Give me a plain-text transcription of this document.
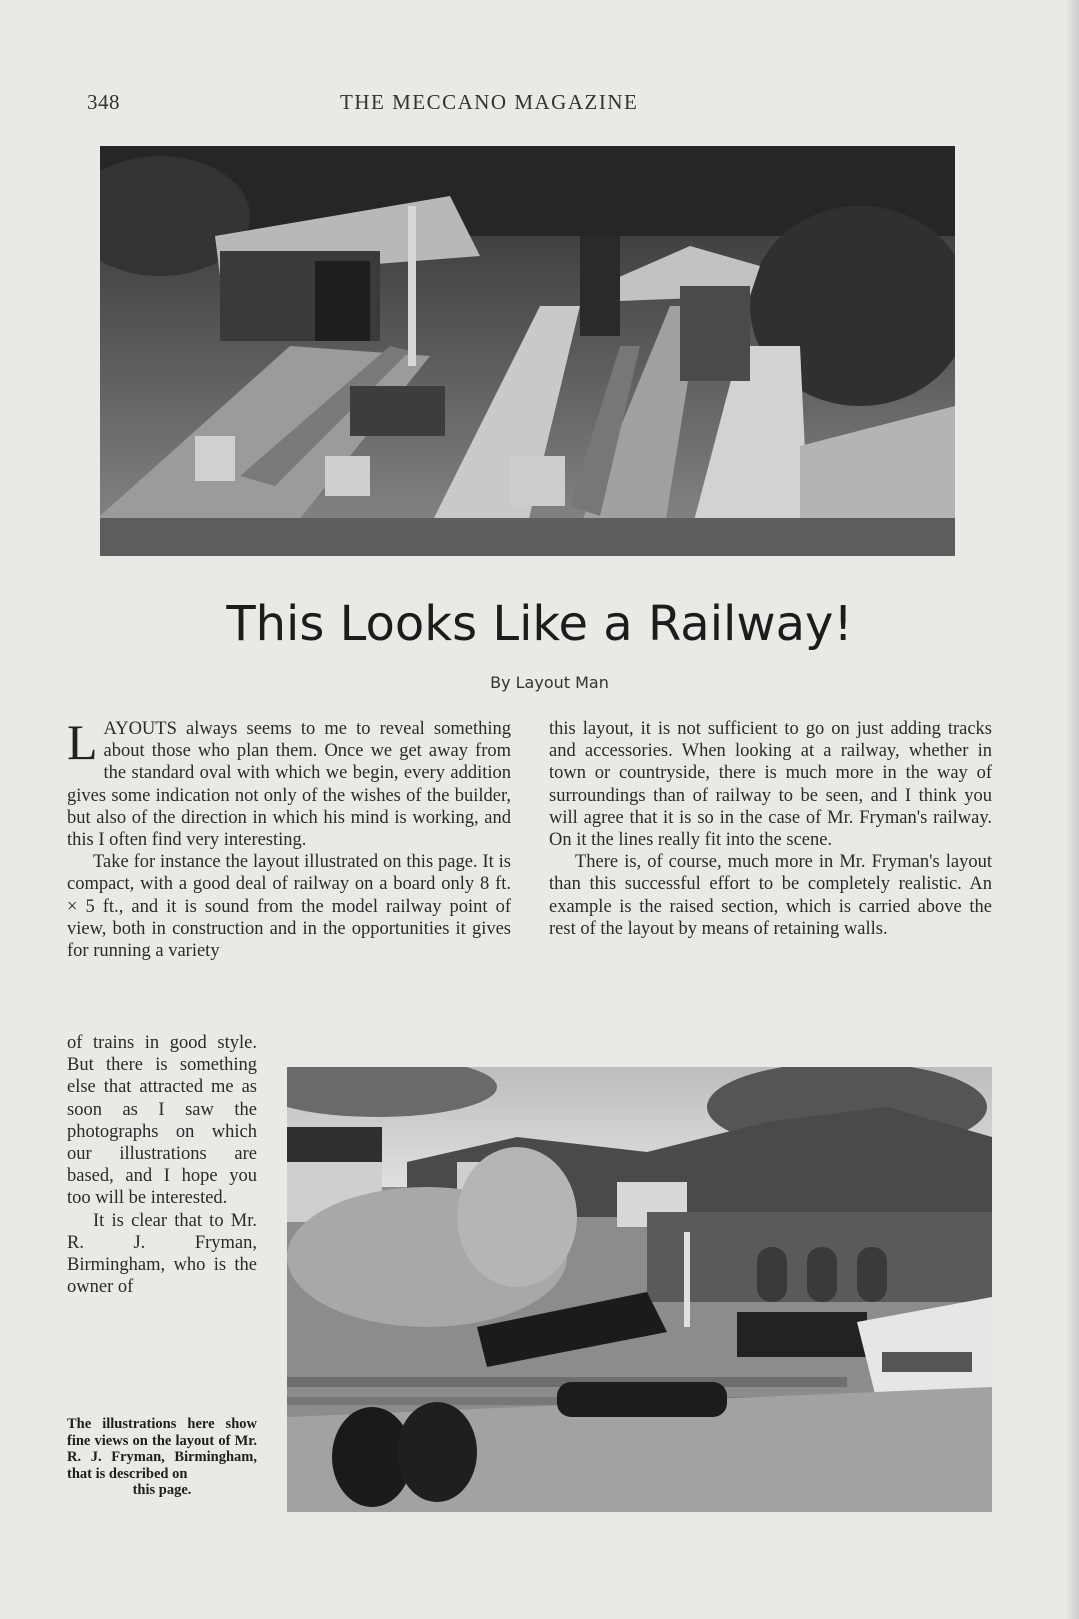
348	THE MECCANO MAGAZINE
This Looks Like a Railway!
By Layout Man

LAYOUTS always seems to me to reveal something about those who plan them. Once we get away from the standard oval with which we begin, every addition gives some indication not only of the wishes of the builder, but also of the direction in which his mind is working, and this I often find very interesting.

Take for instance the layout illustrated on this page. It is compact, with a good deal of railway on a board only 8 ft. × 5 ft., and it is sound from the model railway point of view, both in construction and in the opportunities it gives for running a variety

of trains in good style. But there is something else that attracted me as soon as I saw the photographs on which our illustrations are based, and I hope you too will be interested.

It is clear that to Mr. R. J. Fryman, Birmingham, who is the owner of

this layout, it is not sufficient to go on just adding tracks and accessories. When looking at a railway, whether in town or countryside, there is much more in the way of surroundings than of railway to be seen, and I think you will agree that it is so in the case of Mr. Fryman's railway. On it the lines really fit into the scene.

There is, of course, much more in Mr. Fryman's layout than this successful effort to be completely realistic. An example is the raised section, which is carried above the rest of the layout by means of retaining walls.

The illustrations here show fine views on the layout of Mr. R. J. Fryman, Birmingham, that is described on
this page.
